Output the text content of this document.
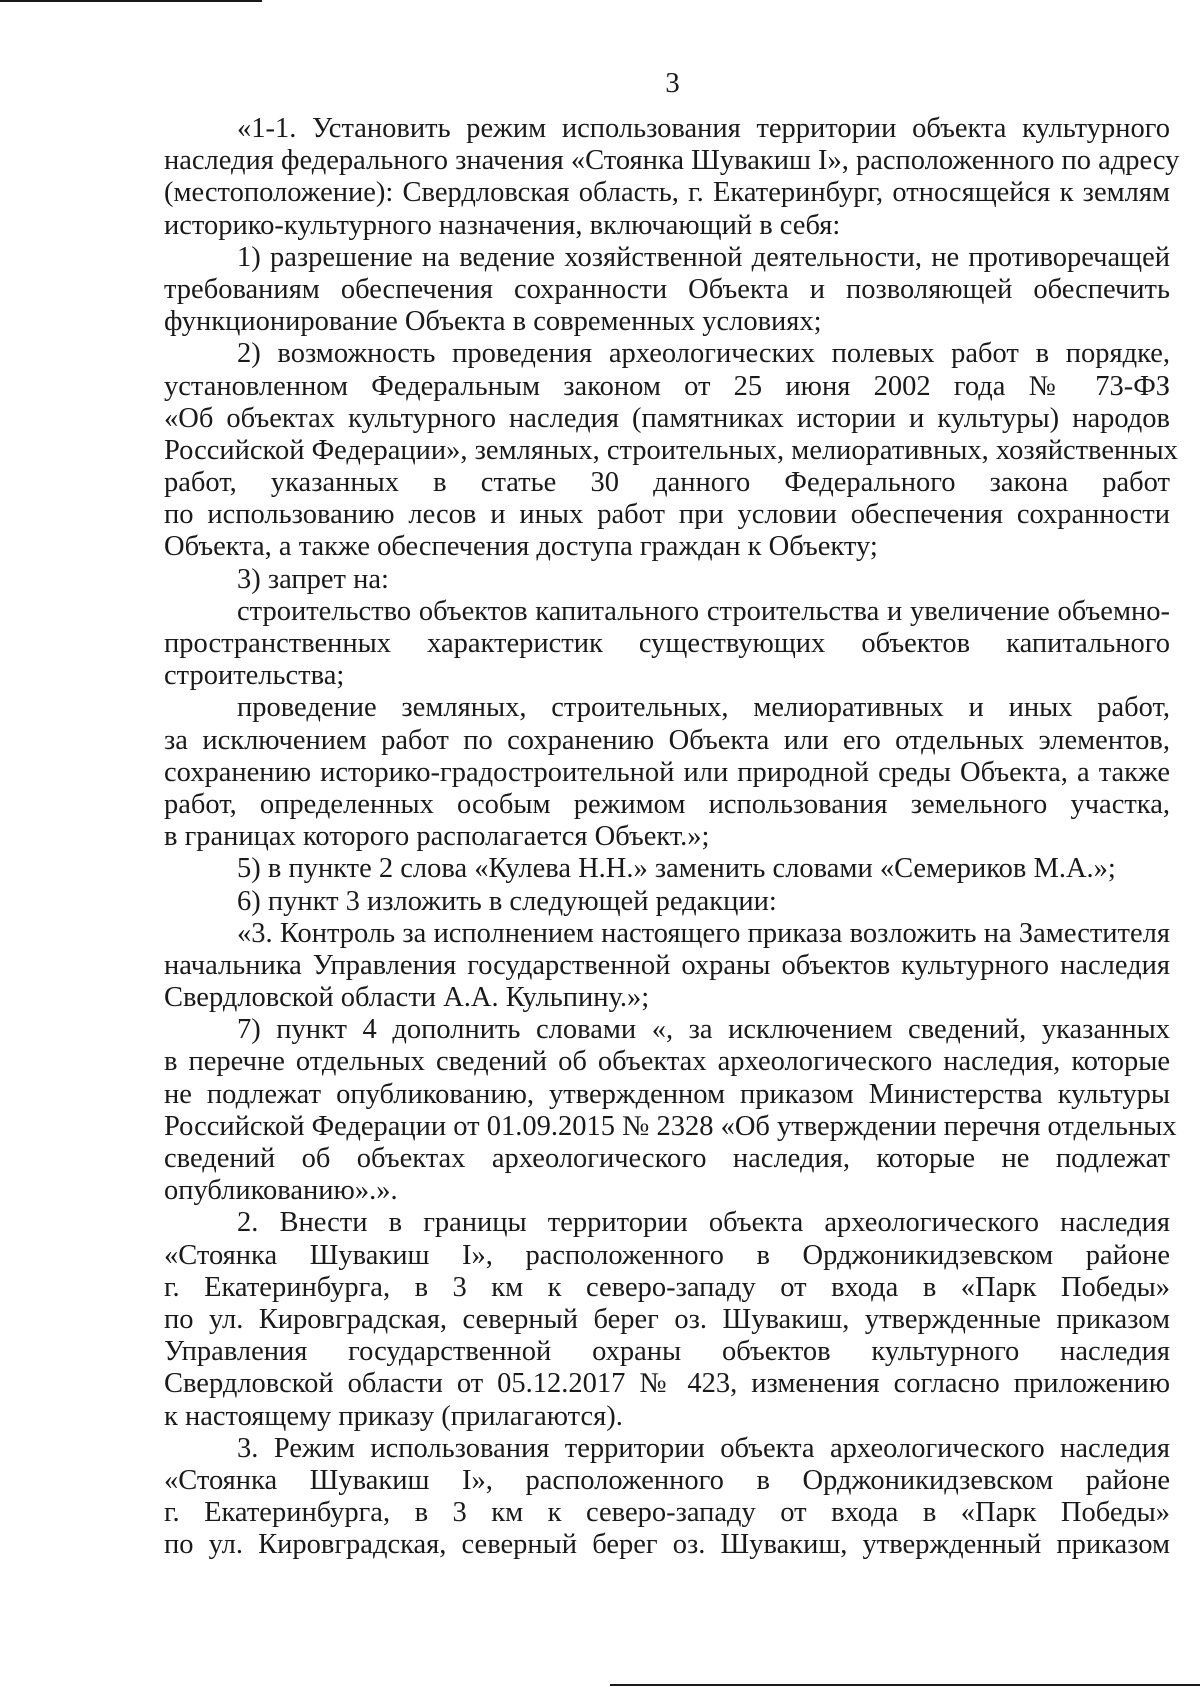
3
«1-1. Установить режим использования территории объекта культурного
наследия федерального значения «Стоянка Шувакиш I», расположенного по адресу
(местоположение): Свердловская область, г. Екатеринбург, относящейся к землям
историко-культурного назначения, включающий в себя:
1) разрешение на ведение хозяйственной деятельности, не противоречащей
требованиям обеспечения сохранности Объекта и позволяющей обеспечить
функционирование Объекта в современных условиях;
2) возможность проведения археологических полевых работ в порядке,
установленном Федеральным законом от 25 июня 2002 года № 73-ФЗ
«Об объектах культурного наследия (памятниках истории и культуры) народов
Российской Федерации», земляных, строительных, мелиоративных, хозяйственных
работ, указанных в статье 30 данного Федерального закона работ
по использованию лесов и иных работ при условии обеспечения сохранности
Объекта, а также обеспечения доступа граждан к Объекту;
3) запрет на:
строительство объектов капитального строительства и увеличение объемно-
пространственных характеристик существующих объектов капитального
строительства;
проведение земляных, строительных, мелиоративных и иных работ,
за исключением работ по сохранению Объекта или его отдельных элементов,
сохранению историко-градостроительной или природной среды Объекта, а также
работ, определенных особым режимом использования земельного участка,
в границах которого располагается Объект.»;
5) в пункте 2 слова «Кулева Н.Н.» заменить словами «Семериков М.А.»;
6) пункт 3 изложить в следующей редакции:
«3. Контроль за исполнением настоящего приказа возложить на Заместителя
начальника Управления государственной охраны объектов культурного наследия
Свердловской области А.А. Кульпину.»;
7) пункт 4 дополнить словами «, за исключением сведений, указанных
в перечне отдельных сведений об объектах археологического наследия, которые
не подлежат опубликованию, утвержденном приказом Министерства культуры
Российской Федерации от 01.09.2015 № 2328 «Об утверждении перечня отдельных
сведений об объектах археологического наследия, которые не подлежат
опубликованию».».
2. Внести в границы территории объекта археологического наследия
«Стоянка Шувакиш I», расположенного в Орджоникидзевском районе
г. Екатеринбурга, в 3 км к северо-западу от входа в «Парк Победы»
по ул. Кировградская, северный берег оз. Шувакиш, утвержденные приказом
Управления государственной охраны объектов культурного наследия
Свердловской области от 05.12.2017 № 423, изменения согласно приложению
к настоящему приказу (прилагаются).
3. Режим использования территории объекта археологического наследия
«Стоянка Шувакиш I», расположенного в Орджоникидзевском районе
г. Екатеринбурга, в 3 км к северо-западу от входа в «Парк Победы»
по ул. Кировградская, северный берег оз. Шувакиш, утвержденный приказом
